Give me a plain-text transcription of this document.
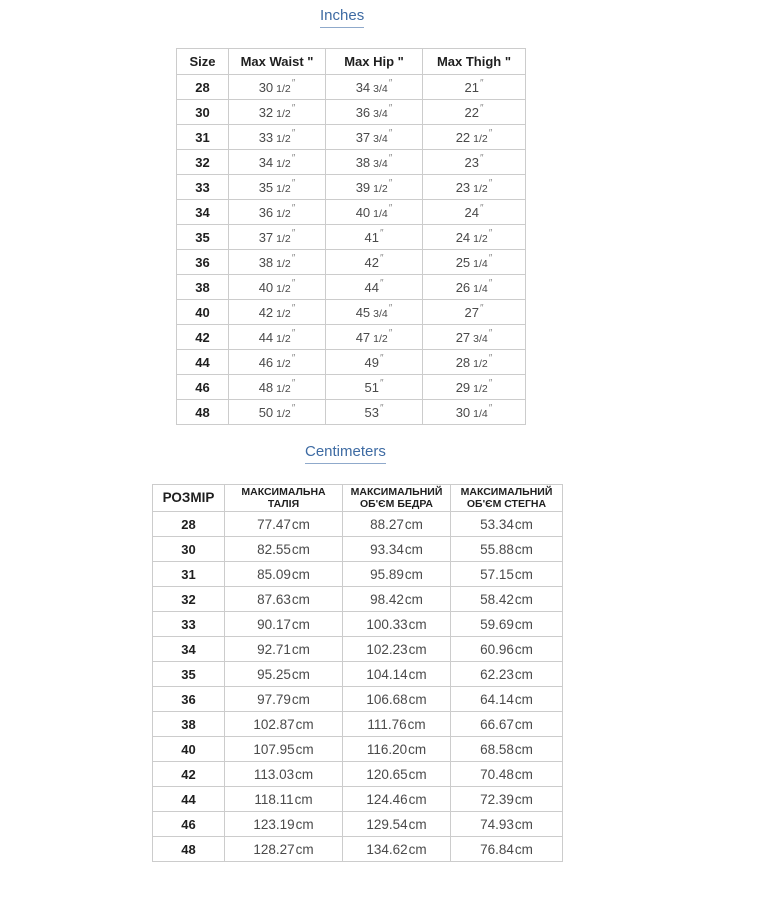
Inches
Size	Max Waist "	Max Hip "	Max Thigh "
28	30 1/2″	34 3/4″	21″
30	32 1/2″	36 3/4″	22″
31	33 1/2″	37 3/4″	22 1/2″
32	34 1/2″	38 3/4″	23″
33	35 1/2″	39 1/2″	23 1/2″
34	36 1/2″	40 1/4″	24″
35	37 1/2″	41″	24 1/2″
36	38 1/2″	42″	25 1/4″
38	40 1/2″	44″	26 1/4″
40	42 1/2″	45 3/4″	27″
42	44 1/2″	47 1/2″	27 3/4″
44	46 1/2″	49″	28 1/2″
46	48 1/2″	51″	29 1/2″
48	50 1/2″	53″	30 1/4″
Centimeters
РОЗМІР	МАКСИМАЛЬНА ТАЛІЯ	МАКСИМАЛЬНИЙ ОБ'ЄМ БЕДРА	МАКСИМАЛЬНИЙ ОБ'ЄМ СТЕГНА
28	77.47cm	88.27cm	53.34cm
30	82.55cm	93.34cm	55.88cm
31	85.09cm	95.89cm	57.15cm
32	87.63cm	98.42cm	58.42cm
33	90.17cm	100.33cm	59.69cm
34	92.71cm	102.23cm	60.96cm
35	95.25cm	104.14cm	62.23cm
36	97.79cm	106.68cm	64.14cm
38	102.87cm	111.76cm	66.67cm
40	107.95cm	116.20cm	68.58cm
42	113.03cm	120.65cm	70.48cm
44	118.11cm	124.46cm	72.39cm
46	123.19cm	129.54cm	74.93cm
48	128.27cm	134.62cm	76.84cm
